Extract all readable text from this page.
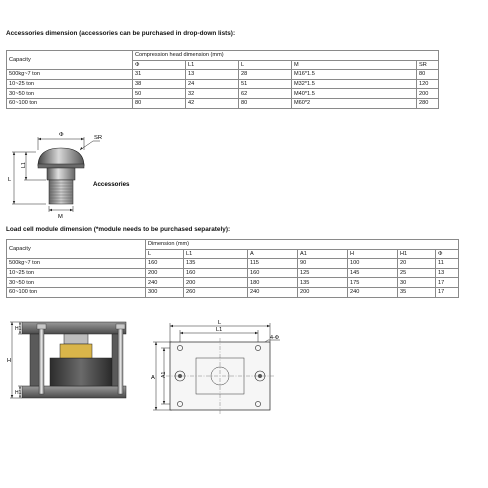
Accessories dimension (accessories can be purchased in drop-down lists):
Capacity	Compression head dimension (mm)				
	Φ	L1	L	M	SR
500kg~7 ton	31	13	28	M16*1.5	80
10~25 ton	38	24	51	M32*1.5	120
30~50 ton	50	32	62	M40*1.5	200
60~100 ton	80	42	80	M60*2	280
Φ	SR
L
L1
M
Accessories
Load cell module dimension (*module needs to be purchased separately):
Capacity	Dimension (mm)						
	L	L1	A	A1	H	H1	Φ
500kg~7 ton	160	135	115	90	100	20	11
10~25 ton	200	160	160	125	145	25	13
30~50 ton	240	200	180	135	175	30	17
60~100 ton	300	260	240	200	240	35	17
H
H1
H1
L
L1
4-Φ
A A1
